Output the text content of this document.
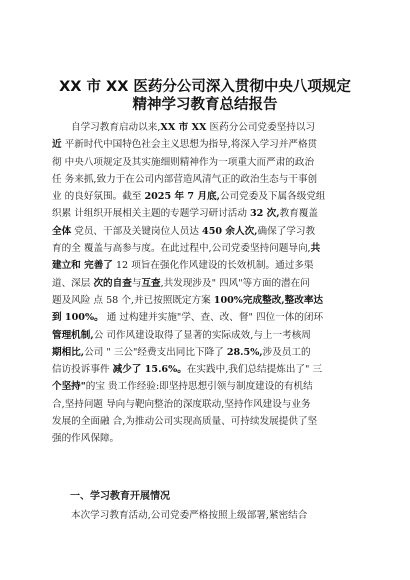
XX 市 XX 医药分公司深入贯彻中央八项规定
精神学习教育总结报告
自学习教育启动以来,XX 市 XX 医药分公司党委坚持以习
近 平新时代中国特色社会主义思想为指导,将深入学习并严格贯
彻 中央八项规定及其实施细则精神作为一项重大而严肃的政治
任 务来抓,致力于在公司内部营造风清气正的政治生态与干事创
业 的良好氛围。截至 2025 年 7 月底,公司党委及下属各级党组
织累 计组织开展相关主题的专题学习研讨活动 32 次,教育覆盖
全体 党员、干部及关键岗位人员达 450 余人次,确保了学习教
育的全 覆盖与高参与度。在此过程中,公司党委坚持问题导向,共
建立和 完善了 12 项旨在强化作风建设的长效机制。通过多渠
道、深层 次的自查与互查,共发现涉及" 四风"等方面的潜在问
题及风险 点 58 个,并已按照既定方案 100%完成整改,整改率达
到 100%。 通 过构建并实施"学、查、改、督" 四位一体的闭环
管理机制,公 司作风建设取得了显著的实际成效,与上一考核周
期相比,公司 " 三公"经费支出同比下降了 28.5%,涉及员工的
信访投诉事件 减少了 15.6%。在实践中,我们总结提炼出了" 三
个坚持"的宝 贵工作经验:即坚持思想引领与制度建设的有机结
合,坚持问题 导向与靶向整治的深度联动,坚持作风建设与业务
发展的全面融 合,为推动公司实现高质量、可持续发展提供了坚
强的作风保障。
一、学习教育开展情况
本次学习教育活动,公司党委严格按照上级部署,紧密结合
